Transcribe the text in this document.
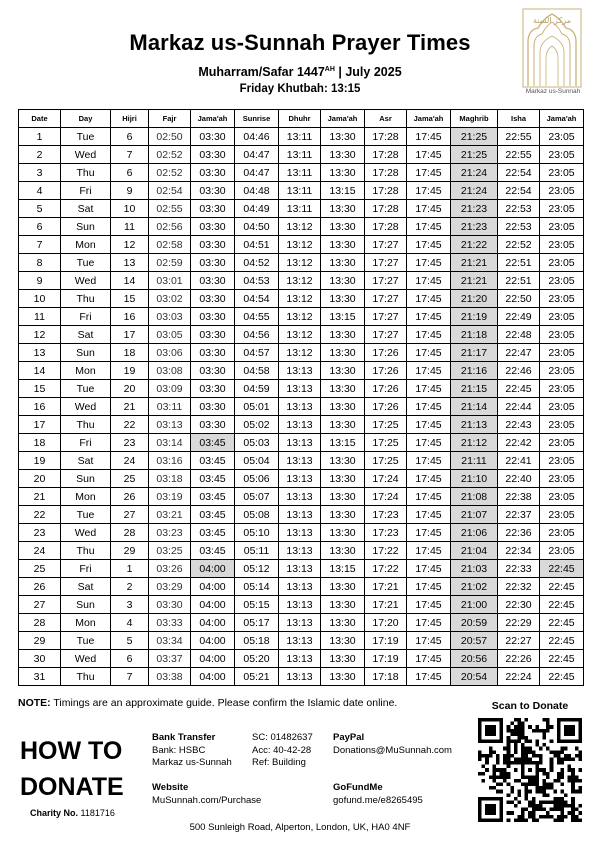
Markaz us-Sunnah Prayer Times
Muharram/Safar $1447^{AH}$ | July 2025
Friday Khutbah: 13:15
مركز السنة
Markaz us-Sunnah
Date	Day	Hijri	Fajr	Jama'ah	Sunrise	Dhuhr	Jama'ah	Asr	Jama'ah	Maghrib	Isha	Jama'ah
1	Tue	6	02:50	03:30	04:46	13:11	13:30	17:28	17:45	21:25	22:55	23:05
2	Wed	7	02:52	03:30	04:47	13:11	13:30	17:28	17:45	21:25	22:55	23:05
3	Thu	6	02:52	03:30	04:47	13:11	13:30	17:28	17:45	21:24	22:54	23:05
4	Fri	9	02:54	03:30	04:48	13:11	13:15	17:28	17:45	21:24	22:54	23:05
5	Sat	10	02:55	03:30	04:49	13:11	13:30	17:28	17:45	21:23	22:53	23:05
6	Sun	11	02:56	03:30	04:50	13:12	13:30	17:28	17:45	21:23	22:53	23:05
7	Mon	12	02:58	03:30	04:51	13:12	13:30	17:27	17:45	21:22	22:52	23:05
8	Tue	13	02:59	03:30	04:52	13:12	13:30	17:27	17:45	21:21	22:51	23:05
9	Wed	14	03:01	03:30	04:53	13:12	13:30	17:27	17:45	21:21	22:51	23:05
10	Thu	15	03:02	03:30	04:54	13:12	13:30	17:27	17:45	21:20	22:50	23:05
11	Fri	16	03:03	03:30	04:55	13:12	13:15	17:27	17:45	21:19	22:49	23:05
12	Sat	17	03:05	03:30	04:56	13:12	13:30	17:27	17:45	21:18	22:48	23:05
13	Sun	18	03:06	03:30	04:57	13:12	13:30	17:26	17:45	21:17	22:47	23:05
14	Mon	19	03:08	03:30	04:58	13:13	13:30	17:26	17:45	21:16	22:46	23:05
15	Tue	20	03:09	03:30	04:59	13:13	13:30	17:26	17:45	21:15	22:45	23:05
16	Wed	21	03:11	03:30	05:01	13:13	13:30	17:26	17:45	21:14	22:44	23:05
17	Thu	22	03:13	03:30	05:02	13:13	13:30	17:25	17:45	21:13	22:43	23:05
18	Fri	23	03:14	03:45	05:03	13:13	13:15	17:25	17:45	21:12	22:42	23:05
19	Sat	24	03:16	03:45	05:04	13:13	13:30	17:25	17:45	21:11	22:41	23:05
20	Sun	25	03:18	03:45	05:06	13:13	13:30	17:24	17:45	21:10	22:40	23:05
21	Mon	26	03:19	03:45	05:07	13:13	13:30	17:24	17:45	21:08	22:38	23:05
22	Tue	27	03:21	03:45	05:08	13:13	13:30	17:23	17:45	21:07	22:37	23:05
23	Wed	28	03:23	03:45	05:10	13:13	13:30	17:23	17:45	21:06	22:36	23:05
24	Thu	29	03:25	03:45	05:11	13:13	13:30	17:22	17:45	21:04	22:34	23:05
25	Fri	1	03:26	04:00	05:12	13:13	13:15	17:22	17:45	21:03	22:33	22:45
26	Sat	2	03:29	04:00	05:14	13:13	13:30	17:21	17:45	21:02	22:32	22:45
27	Sun	3	03:30	04:00	05:15	13:13	13:30	17:21	17:45	21:00	22:30	22:45
28	Mon	4	03:33	04:00	05:17	13:13	13:30	17:20	17:45	20:59	22:29	22:45
29	Tue	5	03:34	04:00	05:18	13:13	13:30	17:19	17:45	20:57	22:27	22:45
30	Wed	6	03:37	04:00	05:20	13:13	13:30	17:19	17:45	20:56	22:26	22:45
31	Thu	7	03:38	04:00	05:21	13:13	13:30	17:18	17:45	20:54	22:24	22:45
NOTE: Timings are an approximate guide. Please confirm the Islamic date online.
HOW TO
DONATE
Charity No. 1181716
Bank Transfer
Bank: HSBC
Markaz us-Sunnah
SC: 01482637
Acc: 40-42-28
Ref: Building
PayPal
Donations@MuSunnah.com
Website
MuSunnah.com/Purchase
GoFundMe
gofund.me/e8265495
Scan to Donate
500 Sunleigh Road, Alperton, London, UK, HA0 4NF
